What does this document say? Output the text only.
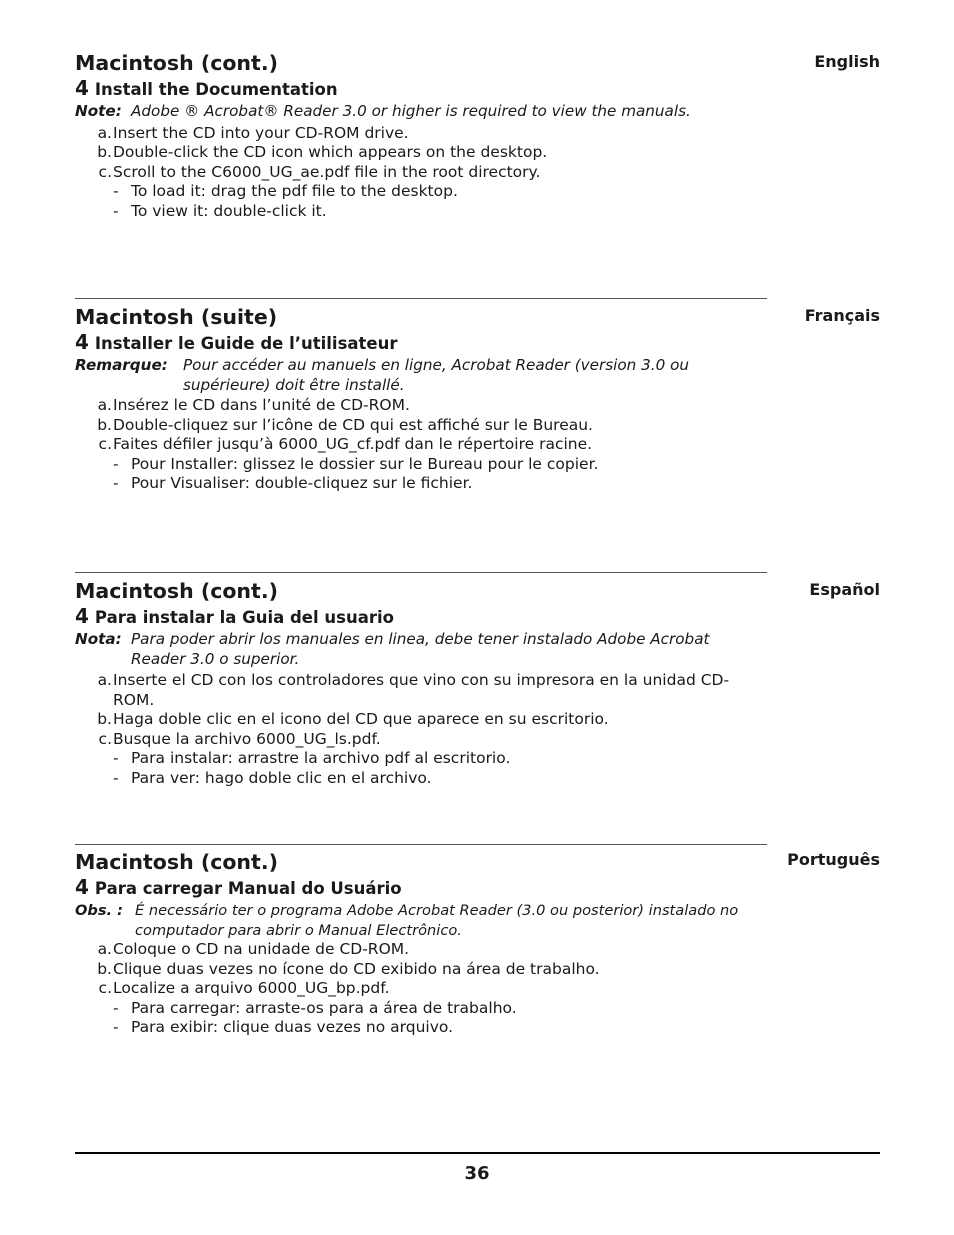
English
Macintosh (cont.)

4 Install the Documentation

Note: Adobe ® Acrobat® Reader 3.0 or higher is required to view the manuals.
a. Insert the CD into your CD-ROM drive.
b. Double-click the CD icon which appears on the desktop.
c. Scroll to the C6000_UG_ae.pdf file in the root directory.
- To load it: drag the pdf file to the desktop.
- To view it: double-click it.
Français
Macintosh (suite)

4 Installer le Guide de l’utilisateur

Remarque: Pour accéder au manuels en ligne, Acrobat Reader (version 3.0 ou supérieure) doit être installé.
a. Insérez le CD dans l’unité de CD-ROM.
b. Double-cliquez sur l’icône de CD qui est affiché sur le Bureau.
c. Faites défiler jusqu’à 6000_UG_cf.pdf dan le répertoire racine.
- Pour Installer: glissez le dossier sur le Bureau pour le copier.
- Pour Visualiser: double-cliquez sur le fichier.
Español
Macintosh (cont.)

4 Para instalar la Guia del usuario

Nota: Para poder abrir los manuales en linea, debe tener instalado Adobe Acrobat Reader 3.0 o superior.
a. Inserte el CD con los controladores que vino con su impresora en la unidad CD-ROM.
b. Haga doble clic en el icono del CD que aparece en su escritorio.
c. Busque la archivo 6000_UG_ls.pdf.
- Para instalar: arrastre la archivo pdf al escritorio.
- Para ver: hago doble clic en el archivo.
Português
Macintosh (cont.)

4 Para carregar Manual do Usuário

Obs. : É necessário ter o programa Adobe Acrobat Reader (3.0 ou posterior) instalado no computador para abrir o Manual Electrônico.
a. Coloque o CD na unidade de CD-ROM.
b. Clique duas vezes no ícone do CD exibido na área de trabalho.
c. Localize a arquivo 6000_UG_bp.pdf.
- Para carregar: arraste-os para a área de trabalho.
- Para exibir: clique duas vezes no arquivo.
36
